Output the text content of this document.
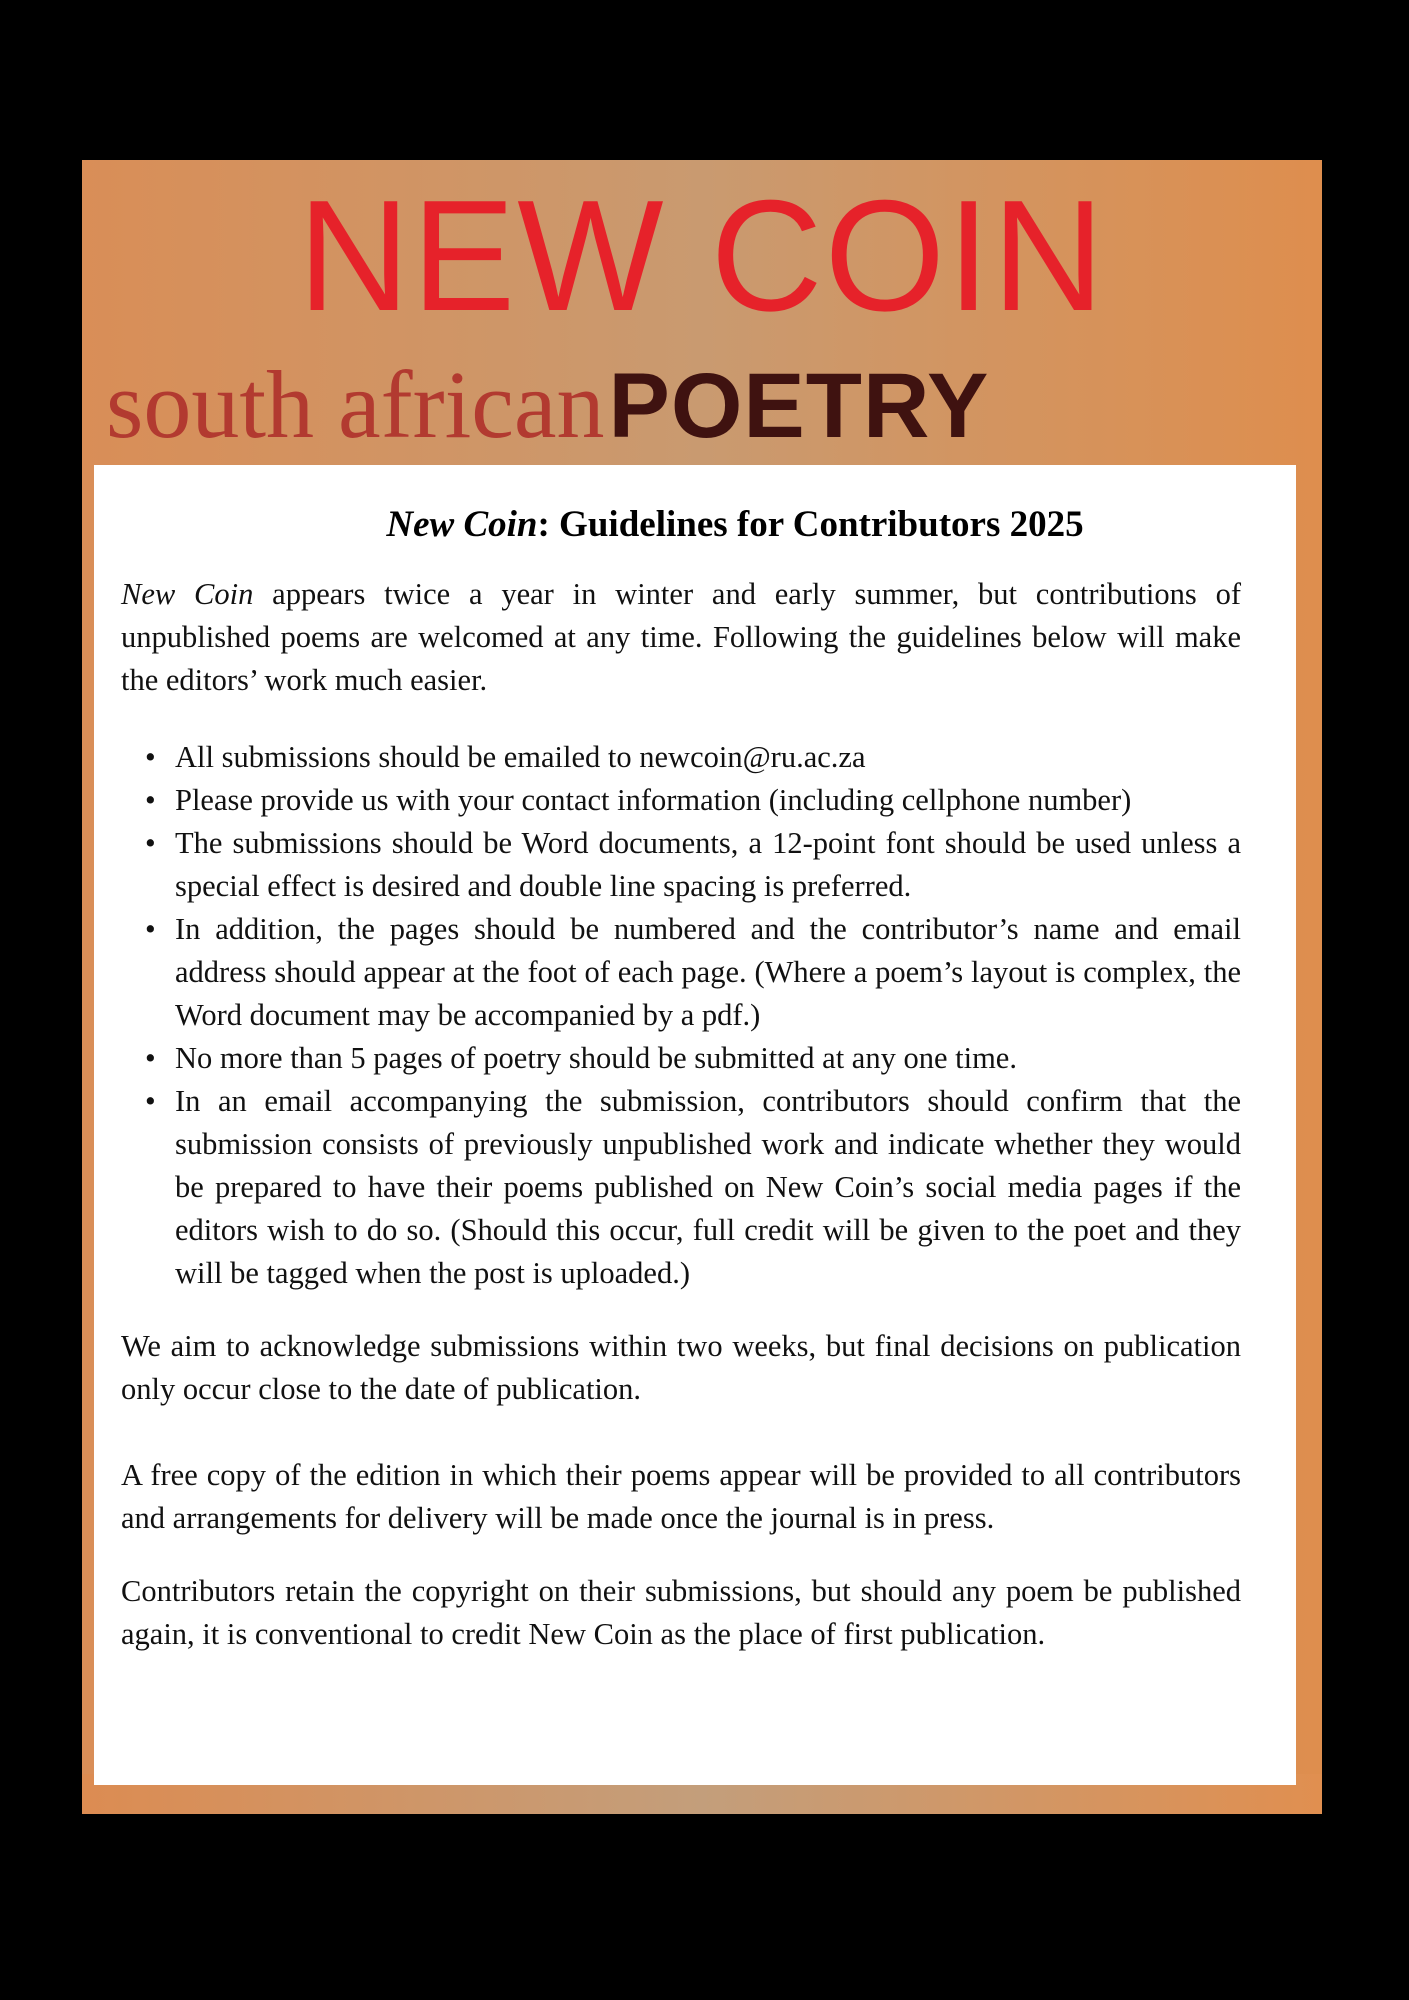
NEW COIN
south african POETRY
New Coin: Guidelines for Contributors 2025

New Coin appears twice a year in winter and early summer, but contributions of unpublished poems are welcomed at any time. Following the guidelines below will make the editors’ work much easier.

• All submissions should be emailed to newcoin@ru.ac.za
• Please provide us with your contact information (including cellphone number)
• The submissions should be Word documents, a 12-point font should be used unless a special effect is desired and double line spacing is preferred.
• In addition, the pages should be numbered and the contributor’s name and email address should appear at the foot of each page. (Where a poem’s layout is complex, the Word document may be accompanied by a pdf.)
• No more than 5 pages of poetry should be submitted at any one time.
• In an email accompanying the submission, contributors should confirm that the submission consists of previously unpublished work and indicate whether they would be prepared to have their poems published on New Coin’s social media pages if the editors wish to do so. (Should this occur, full credit will be given to the poet and they will be tagged when the post is uploaded.)

We aim to acknowledge submissions within two weeks, but final decisions on publication only occur close to the date of publication.

A free copy of the edition in which their poems appear will be provided to all contributors and arrangements for delivery will be made once the journal is in press.

Contributors retain the copyright on their submissions, but should any poem be published again, it is conventional to credit New Coin as the place of first publication.
